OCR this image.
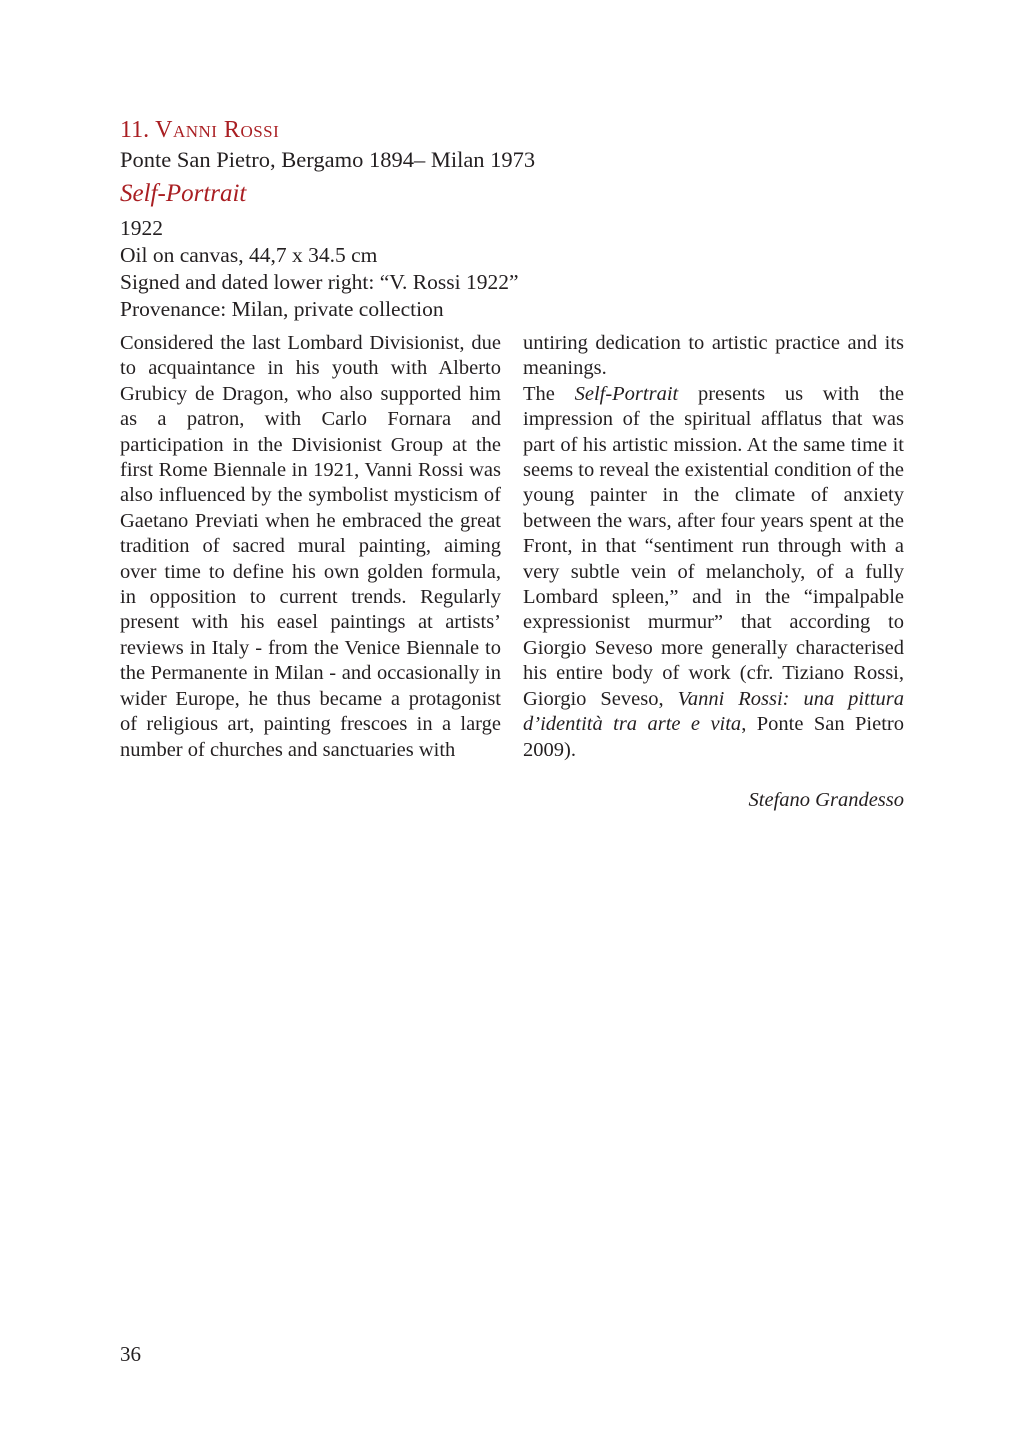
11. Vanni Rossi
Ponte San Pietro, Bergamo 1894– Milan 1973
Self-Portrait
1922
Oil on canvas, 44,7 x 34.5 cm
Signed and dated lower right: “V. Rossi 1922”
Provenance: Milan, private collection

Considered the last Lombard Divisionist, due to acquaintance in his youth with Alberto Grubicy de Dragon, who also supported him as a patron, with Carlo Fornara and participation in the Divisionist Group at the first Rome Biennale in 1921, Vanni Rossi was also influenced by the symbolist mysticism of Gaetano Previati when he embraced the great tradition of sacred mural painting, aiming over time to define his own golden formula, in opposition to current trends. Regularly present with his easel paintings at artists’ reviews in Italy - from the Venice Biennale to the Permanente in Milan - and occasionally in wider Europe, he thus became a protagonist of religious art, painting frescoes in a large number of churches and sanctuaries with

untiring dedication to artistic practice and its meanings.

The Self-Portrait presents us with the impression of the spiritual afflatus that was part of his artistic mission. At the same time it seems to reveal the existential condition of the young painter in the climate of anxiety between the wars, after four years spent at the Front, in that “sentiment run through with a very subtle vein of melancholy, of a fully Lombard spleen,” and in the “impalpable expressionist murmur” that according to Giorgio Seveso more generally characterised his entire body of work (cfr. Tiziano Rossi, Giorgio Seveso, Vanni Rossi: una pittura d’identità tra arte e vita, Ponte San Pietro 2009).

Stefano Grandesso
36
